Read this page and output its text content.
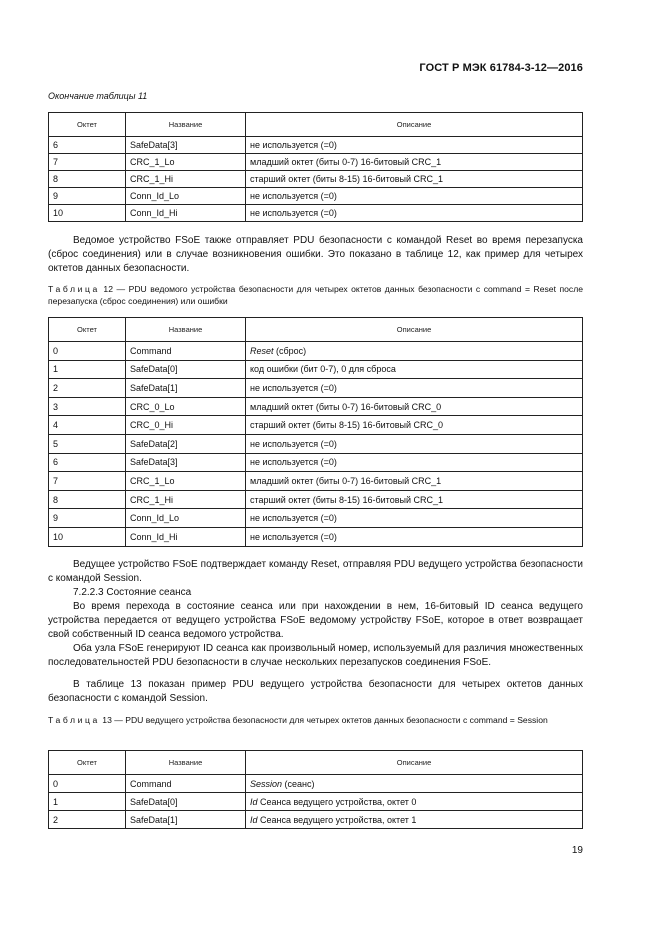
ГОСТ Р МЭК 61784-3-12—2016
Окончание таблицы 11
Октет	Название	Описание
6	SafeData[3]	не используется (=0)
7	CRC_1_Lo	младший октет (биты 0-7) 16-битовый CRC_1
8	CRC_1_Hi	старший октет (биты 8-15) 16-битовый CRC_1
9	Conn_Id_Lo	не используется (=0)
10	Conn_Id_Hi	не используется (=0)
Ведомое устройство FSoE также отправляет PDU безопасности с командой Reset во время перезапуска (сброс соединения) или в случае возникновения ошибки. Это показано в таблице 12, как пример для четырех октетов данных безопасности.
Таблица 12 — PDU ведомого устройства безопасности для четырех октетов данных безопасности с command = Reset после перезапуска (сброс соединения) или ошибки
Октет	Название	Описание
0	Command	Reset (сброс)
1	SafeData[0]	код ошибки (бит 0-7), 0 для сброса
2	SafeData[1]	не используется (=0)
3	CRC_0_Lo	младший октет (биты 0-7) 16-битовый CRC_0
4	CRC_0_Hi	старший октет (биты 8-15) 16-битовый CRC_0
5	SafeData[2]	не используется (=0)
6	SafeData[3]	не используется (=0)
7	CRC_1_Lo	младший октет (биты 0-7) 16-битовый CRC_1
8	CRC_1_Hi	старший октет (биты 8-15) 16-битовый CRC_1
9	Conn_Id_Lo	не используется (=0)
10	Conn_Id_Hi	не используется (=0)
Ведущее устройство FSoE подтверждает команду Reset, отправляя PDU ведущего устройства безопасности с командой Session.
7.2.2.3 Состояние сеанса
Во время перехода в состояние сеанса или при нахождении в нем, 16-битовый ID сеанса ведущего устройства передается от ведущего устройства FSoE ведомому устройству FSoE, которое в ответ возвращает свой собственный ID сеанса ведомого устройства.
Оба узла FSoE генерируют ID сеанса как произвольный номер, используемый для различия множественных последовательностей PDU безопасности в случае нескольких перезапусков соединения FSoE.
В таблице 13 показан пример PDU ведущего устройства безопасности для четырех октетов данных безопасности с командой Session.
Таблица 13 — PDU ведущего устройства безопасности для четырех октетов данных безопасности с command = Session
Октет	Название	Описание
0	Command	Session (сеанс)
1	SafeData[0]	Id Сеанса ведущего устройства, октет 0
2	SafeData[1]	Id Сеанса ведущего устройства, октет 1
19
